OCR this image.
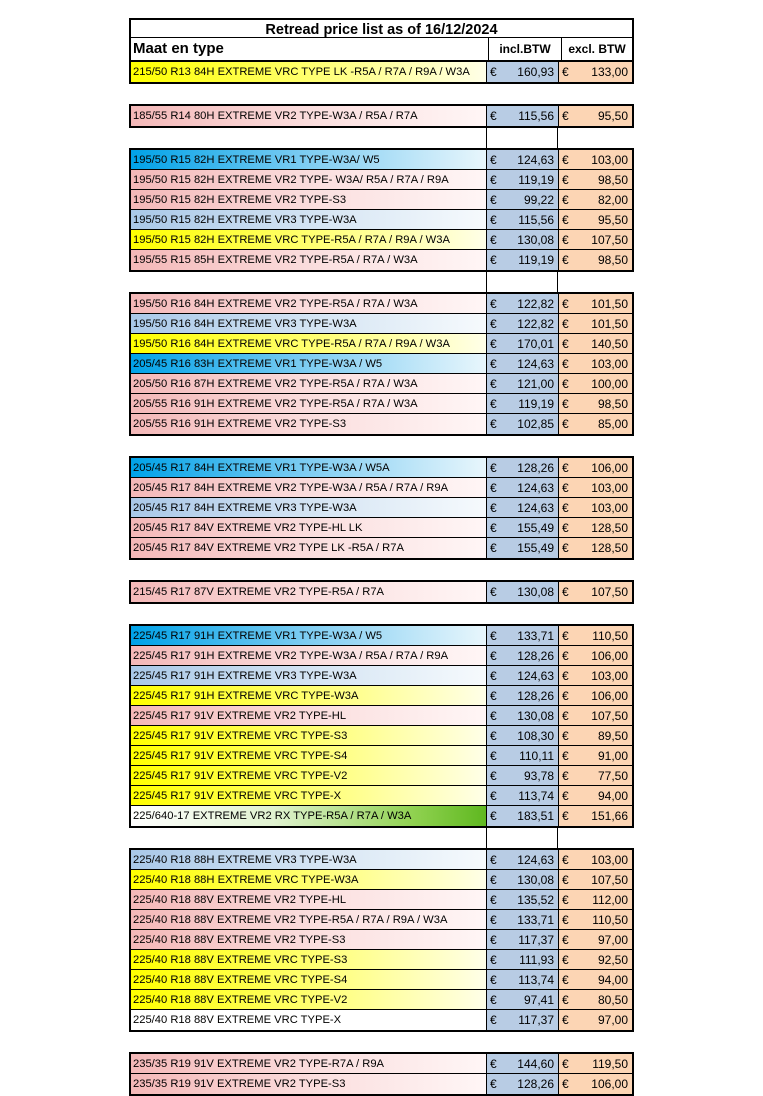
Retread price list as of 16/12/2024
Maat en type	incl.BTW	excl. BTW
215/50 R13 84H EXTREME VRC TYPE LK -R5A / R7A / R9A / W3A	€ 160,93 € 133,00
185/55 R14 80H EXTREME VR2 TYPE-W3A / R5A / R7A	€ 115,56 € 95,50
195/50 R15 82H EXTREME VR1 TYPE-W3A/ W5	€ 124,63 € 103,00
195/50 R15 82H EXTREME VR2 TYPE- W3A/ R5A / R7A / R9A	€ 119,19 € 98,50
195/50 R15 82H EXTREME VR2 TYPE-S3	€ 99,22 € 82,00
195/50 R15 82H EXTREME VR3 TYPE-W3A	€ 115,56 € 95,50
195/50 R15 82H EXTREME VRC TYPE-R5A / R7A / R9A / W3A	€ 130,08 € 107,50
195/55 R15 85H EXTREME VR2 TYPE-R5A / R7A / W3A	€ 119,19 € 98,50
195/50 R16 84H EXTREME VR2 TYPE-R5A / R7A / W3A	€ 122,82 € 101,50
195/50 R16 84H EXTREME VR3 TYPE-W3A	€ 122,82 € 101,50
195/50 R16 84H EXTREME VRC TYPE-R5A / R7A / R9A / W3A	€ 170,01 € 140,50
205/45 R16 83H EXTREME VR1 TYPE-W3A / W5	€ 124,63 € 103,00
205/50 R16 87H EXTREME VR2 TYPE-R5A / R7A / W3A	€ 121,00 € 100,00
205/55 R16 91H EXTREME VR2 TYPE-R5A / R7A / W3A	€ 119,19 € 98,50
205/55 R16 91H EXTREME VR2 TYPE-S3	€ 102,85 € 85,00
205/45 R17 84H EXTREME VR1 TYPE-W3A / W5A	€ 128,26 € 106,00
205/45 R17 84H EXTREME VR2 TYPE-W3A / R5A / R7A / R9A	€ 124,63 € 103,00
205/45 R17 84H EXTREME VR3 TYPE-W3A	€ 124,63 € 103,00
205/45 R17 84V EXTREME VR2 TYPE-HL LK	€ 155,49 € 128,50
205/45 R17 84V EXTREME VR2 TYPE LK -R5A / R7A	€ 155,49 € 128,50
215/45 R17 87V EXTREME VR2 TYPE-R5A / R7A	€ 130,08 € 107,50
225/45 R17 91H EXTREME VR1 TYPE-W3A / W5	€ 133,71 € 110,50
225/45 R17 91H EXTREME VR2 TYPE-W3A / R5A / R7A / R9A	€ 128,26 € 106,00
225/45 R17 91H EXTREME VR3 TYPE-W3A	€ 124,63 € 103,00
225/45 R17 91H EXTREME VRC TYPE-W3A	€ 128,26 € 106,00
225/45 R17 91V EXTREME VR2 TYPE-HL	€ 130,08 € 107,50
225/45 R17 91V EXTREME VRC TYPE-S3	€ 108,30 € 89,50
225/45 R17 91V EXTREME VRC TYPE-S4	€ 110,11 € 91,00
225/45 R17 91V EXTREME VRC TYPE-V2	€ 93,78 € 77,50
225/45 R17 91V EXTREME VRC TYPE-X	€ 113,74 € 94,00
225/640-17 EXTREME VR2 RX TYPE-R5A / R7A / W3A	€ 183,51 € 151,66
225/40 R18 88H EXTREME VR3 TYPE-W3A	€ 124,63 € 103,00
225/40 R18 88H EXTREME VRC TYPE-W3A	€ 130,08 € 107,50
225/40 R18 88V EXTREME VR2 TYPE-HL	€ 135,52 € 112,00
225/40 R18 88V EXTREME VR2 TYPE-R5A / R7A / R9A / W3A	€ 133,71 € 110,50
225/40 R18 88V EXTREME VR2 TYPE-S3	€ 117,37 € 97,00
225/40 R18 88V EXTREME VRC TYPE-S3	€ 111,93 € 92,50
225/40 R18 88V EXTREME VRC TYPE-S4	€ 113,74 € 94,00
225/40 R18 88V EXTREME VRC TYPE-V2	€ 97,41 € 80,50
225/40 R18 88V EXTREME VRC TYPE-X	€ 117,37 € 97,00
235/35 R19 91V EXTREME VR2 TYPE-R7A / R9A	€ 144,60 € 119,50
235/35 R19 91V EXTREME VR2 TYPE-S3	€ 128,26 € 106,00
